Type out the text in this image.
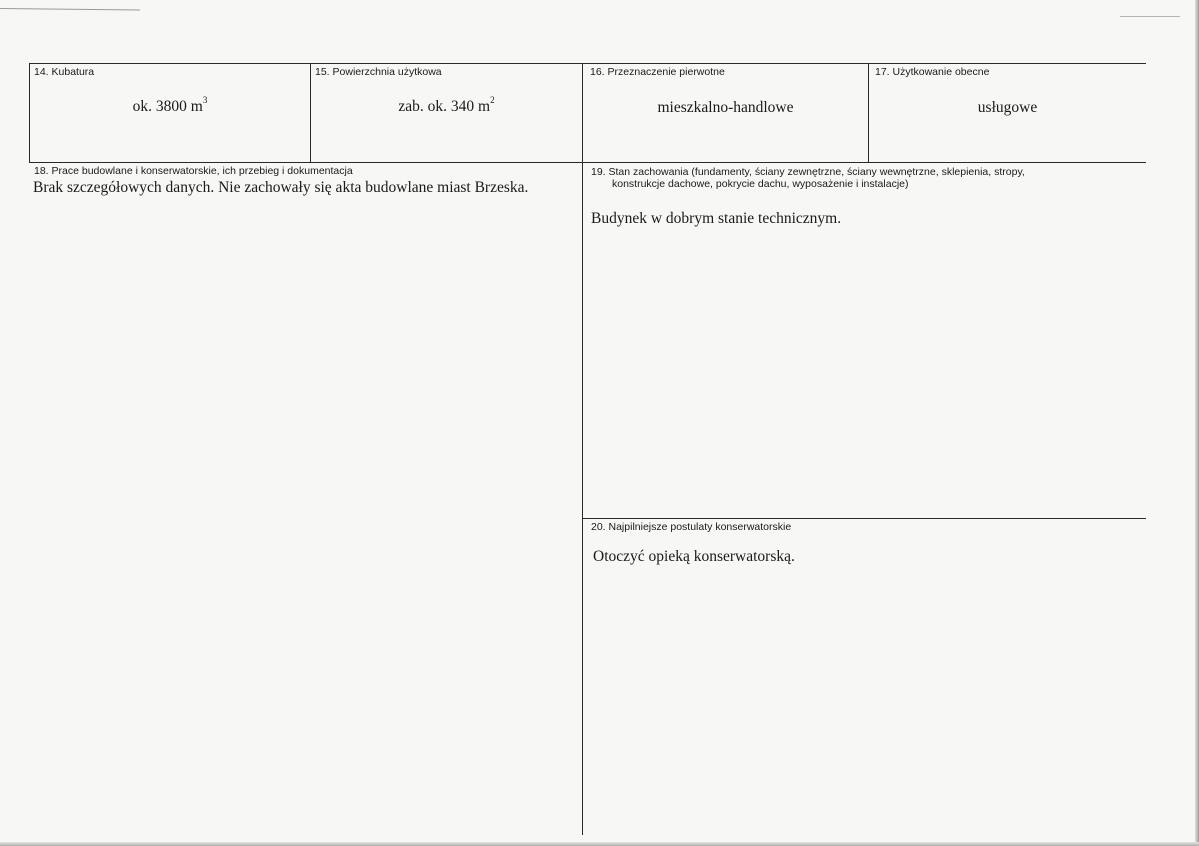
14. Kubatura
ok. 3800 $m^3$
15. Powierzchnia użytkowa
zab. ok. 340 $m^2$
16. Przeznaczenie pierwotne
mieszkalno-handlowe
17. Użytkowanie obecne
usługowe
18. Prace budowlane i konserwatorskie, ich przebieg i dokumentacja
Brak szczegółowych danych. Nie zachowały się akta budowlane miast Brzeska.
19. Stan zachowania (fundamenty, ściany zewnętrzne, ściany wewnętrzne, sklepienia, stropy,
konstrukcje dachowe, pokrycie dachu, wyposażenie i instalacje)
Budynek w dobrym stanie technicznym.
20. Najpilniejsze postulaty konserwatorskie
Otoczyć opieką konserwatorską.
